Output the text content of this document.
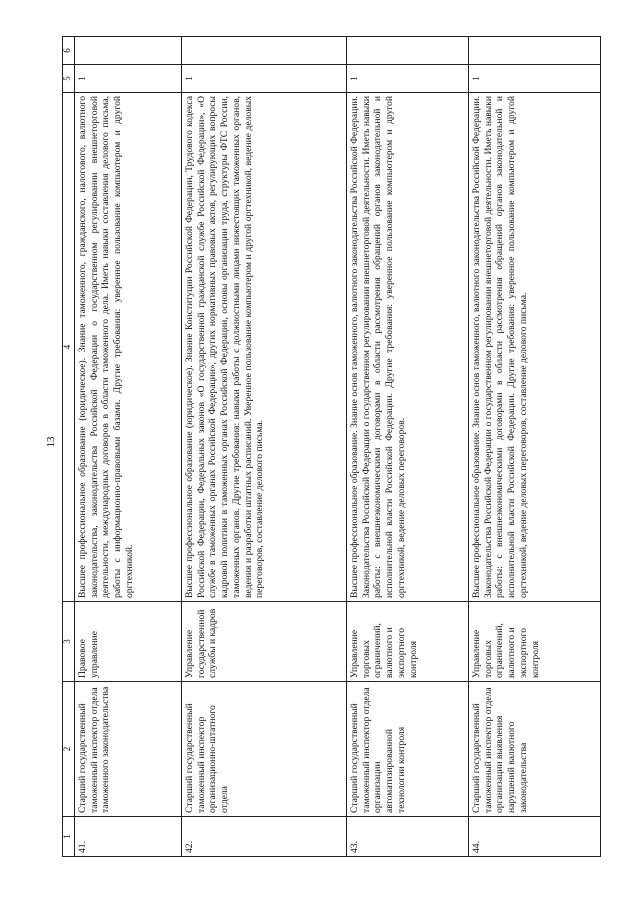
13
1	2	3	4	5	6
41.	Старший государственный таможенный инспектор отдела таможенного законодательства	Правовое управление	Высшее профессиональное образование (юридическое). Знание таможенного, гражданского, налогового, валютного законодательства, законодательства Российской Федерации о государственном регулировании внешнеторговой деятельности, международных договоров в области таможенного дела. Иметь навыки составления делового письма, работы с информационно-правовыми базами. Другие требования: уверенное пользование компьютером и другой оргтехникой.	1	
42.	Старший государственный таможенный инспектор организационно-штатного отдела	Управление государственной службы и кадров	Высшее профессиональное образование (юридическое). Знание Конституции Российской Федерации, Трудового кодекса Российской Федерации, Федеральных законов «О государственной гражданской службе Российской Федерации», «О службе в таможенных органах Российской Федерации», других нормативных правовых актов, регулирующих вопросы кадровой политики в таможенных органах Российской Федерации, основы организации труда, структуры ФТС России, таможенных органов. Другие требования: навыки работы с должностными лицами нижестоящих таможенных органов, ведения и разработки штатных расписаний. Уверенное пользование компьютером и другой оргтехникой, ведение деловых переговоров, составление делового письма.	1	
43.	Старший государственный таможенный инспектор отдела организации автоматизированной технологии контроля	Управление торговых ограничений, валютного и экспортного контроля	Высшее профессиональное образование. Знание основ таможенного, валютного законодательства Российской Федерации. Законодательства Российской Федерации о государственном регулировании внешнеторговой деятельности. Иметь навыки работы: с внешнеэкономическими договорами в области рассмотрения обращений органов законодательной и исполнительной власти Российской Федерации. Другие требования: уверенное пользование компьютером и другой оргтехникой, ведение деловых переговоров.	1	
44.	Старший государственный таможенный инспектор отдела организации выявления нарушений валютного законодательства	Управление торговых ограничений, валютного и экспортного контроля	Высшее профессиональное образование. Знание основ таможенного, валютного законодательства Российской Федерации. Законодательства Российской Федерации о государственном регулировании внешнеторговой деятельности. Иметь навыки работы: с внешнеэкономическими договорами в области рассмотрения обращений органов законодательной и исполнительной власти Российской Федерации. Другие требования: уверенное пользование компьютером и другой оргтехникой, ведение деловых переговоров, составление делового письма.	1	
